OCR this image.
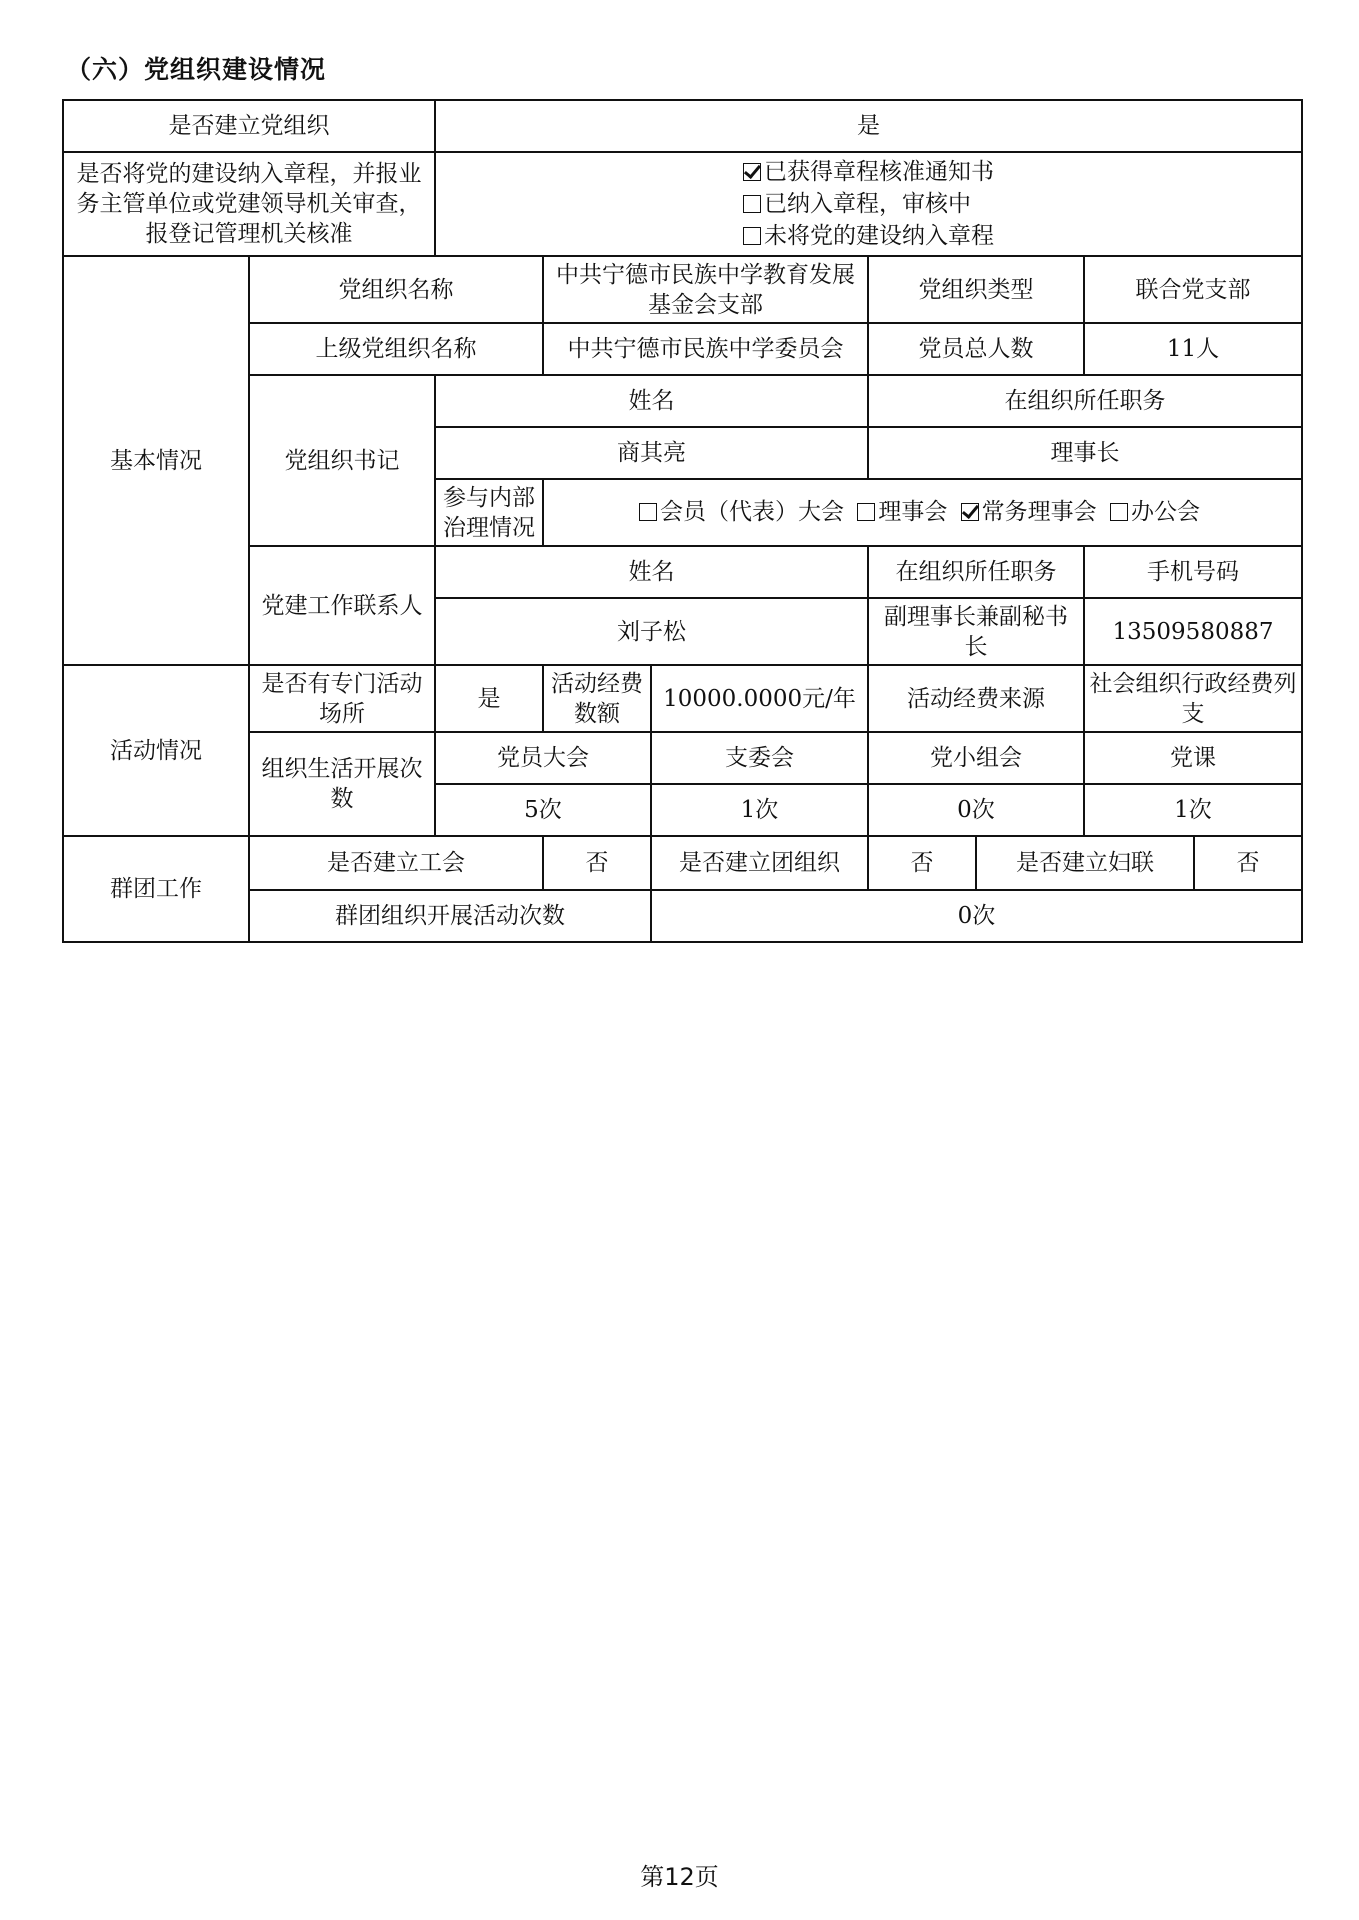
（六）党组织建设情况
是否建立党组织		是					
是否将党的建设纳入章程，并报业务主管单位或党建领导机关审查，报登记管理机关核准		已获得章程核准通知书
已纳入章程，审核中
未将党的建设纳入章程					

基本情况	党组织名称		中共宁德市民族中学教育发展基金会支部		党组织类型		联合党支部
	上级党组织名称		中共宁德市民族中学委员会		党员总人数		11人
	党组织书记	姓名			在组织所任职务		
		商其亮			理事长		
		参与内部治理情况	会员（代表）大会
理事会
常务理事会
办公会				

	党建工作联系人	姓名			在组织所任职务		手机号码
		刘子松			副理事长兼副秘书长		13509580887
活动情况	是否有专门活动场所	是	活动经费数额	10000.0000元/年	活动经费来源		社会组织行政经费列支
	组织生活开展次数	党员大会		支委会	党小组会		党课
		5次		1次	0次		1次
群团工作	是否建立工会		否	是否建立团组织	否	是否建立妇联 否	

	群团组织开展活动次数			0次			
第12页
